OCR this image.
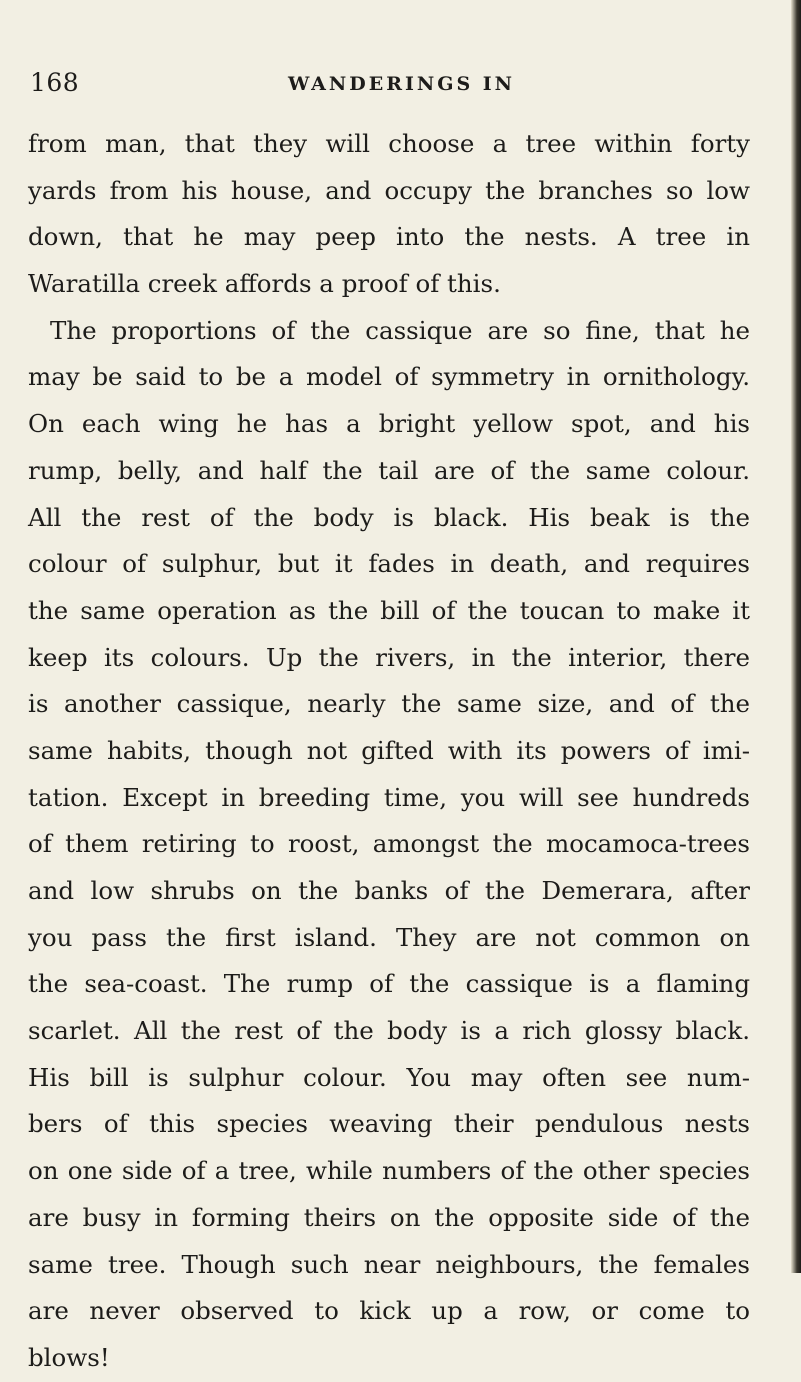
168	WANDERINGS IN
from man, that they will choose a tree within forty
yards from his house, and occupy the branches so low
down, that he may peep into the nests. A tree in
Waratilla creek affords a proof of this.
The proportions of the cassique are so fine, that he
may be said to be a model of symmetry in ornithology.
On each wing he has a bright yellow spot, and his
rump, belly, and half the tail are of the same colour.
All the rest of the body is black. His beak is the
colour of sulphur, but it fades in death, and requires
the same operation as the bill of the toucan to make it
keep its colours. Up the rivers, in the interior, there
is another cassique, nearly the same size, and of the
same habits, though not gifted with its powers of imi-
tation. Except in breeding time, you will see hundreds
of them retiring to roost, amongst the mocamoca-trees
and low shrubs on the banks of the Demerara, after
you pass the first island. They are not common on
the sea-coast. The rump of the cassique is a flaming
scarlet. All the rest of the body is a rich glossy black.
His bill is sulphur colour. You may often see num-
bers of this species weaving their pendulous nests
on one side of a tree, while numbers of the other species
are busy in forming theirs on the opposite side of the
same tree. Though such near neighbours, the females
are never observed to kick up a row, or come to
blows!
